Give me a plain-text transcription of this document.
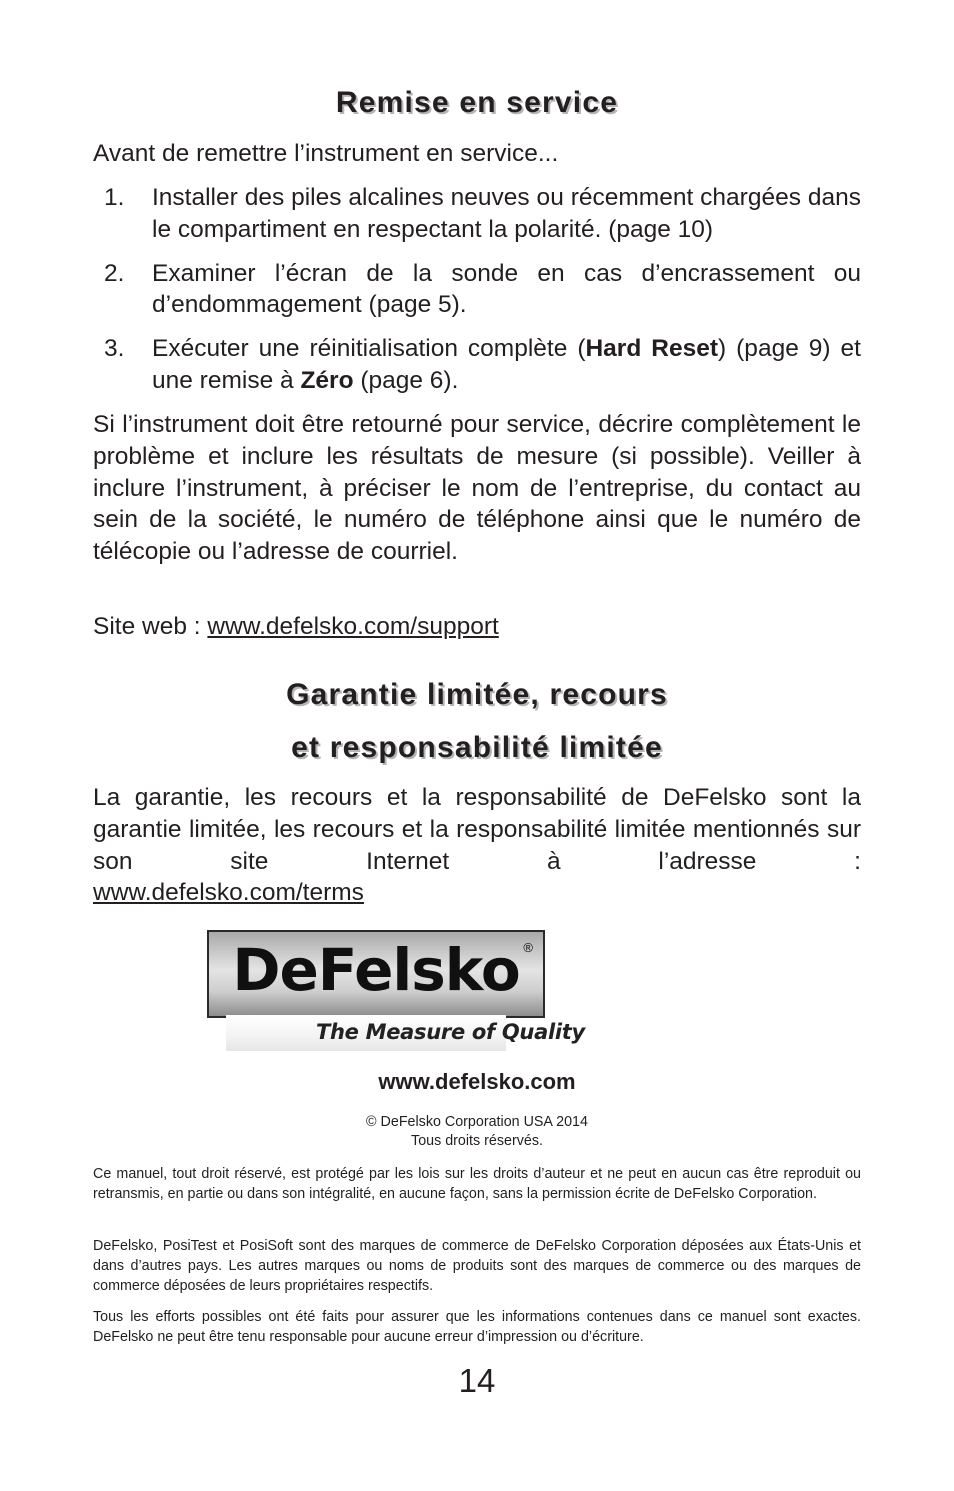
Remise en service

Avant de remettre l’instrument en service...

1. Installer des piles alcalines neuves ou récemment chargées dans le compartiment en respectant la polarité. (page 10)
2. Examiner l’écran de la sonde en cas d’encrassement ou d’endommagement (page 5).
3. Exécuter une réinitialisation complète (Hard Reset) (page 9) et une remise à Zéro (page 6).

Si l’instrument doit être retourné pour service, décrire complètement le problème et inclure les résultats de mesure (si possible). Veiller à inclure l’instrument, à préciser le nom de l’entreprise, du contact au sein de la société, le numéro de téléphone ainsi que le numéro de télécopie ou l’adresse de courriel.

Site web : www.defelsko.com/support

Garantie limitée, recours
et responsabilité limitée

La garantie, les recours et la responsabilité de DeFelsko sont la garantie limitée, les recours et la responsabilité limitée mentionnés sur son site Internet à l’adresse :

www.defelsko.com/terms

DeFelsko ®
The Measure of Quality
www.defelsko.com
© DeFelsko Corporation USA 2014
Tous droits réservés.

Ce manuel, tout droit réservé, est protégé par les lois sur les droits d’auteur et ne peut en aucun cas être reproduit ou retransmis, en partie ou dans son intégralité, en aucune façon, sans la permission écrite de DeFelsko Corporation.

DeFelsko, PosiTest et PosiSoft sont des marques de commerce de DeFelsko Corporation déposées aux États-Unis et dans d’autres pays. Les autres marques ou noms de produits sont des marques de commerce ou des marques de commerce déposées de leurs propriétaires respectifs.

Tous les efforts possibles ont été faits pour assurer que les informations contenues dans ce manuel sont exactes. DeFelsko ne peut être tenu responsable pour aucune erreur d’impression ou d’écriture.

14
